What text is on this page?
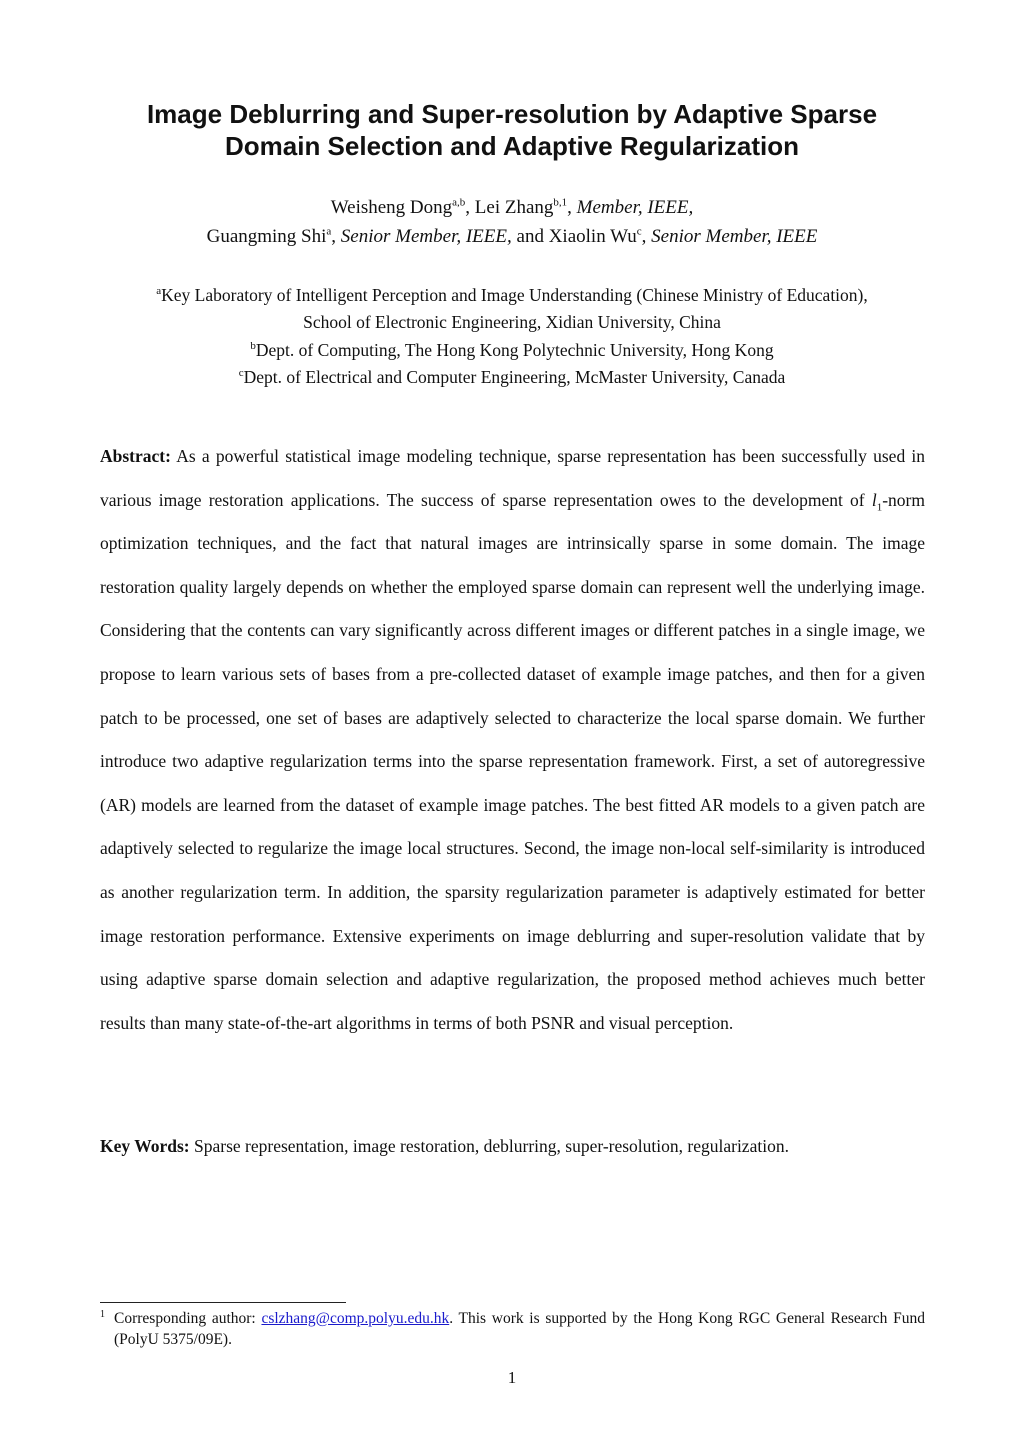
Image Deblurring and Super-resolution by Adaptive Sparse
Domain Selection and Adaptive Regularization
Weisheng Dong$^{a,b}$, Lei Zhang$^{b,1}$, Member, IEEE,
Guangming Shi$^a$, Senior Member, IEEE, and Xiaolin Wu$^c$, Senior Member, IEEE
$^a$Key Laboratory of Intelligent Perception and Image Understanding (Chinese Ministry of Education),
School of Electronic Engineering, Xidian University, China
$^b$Dept. of Computing, The Hong Kong Polytechnic University, Hong Kong
$^c$Dept. of Electrical and Computer Engineering, McMaster University, Canada

Abstract: As a powerful statistical image modeling technique, sparse representation has been successfully used in various image restoration applications. The success of sparse representation owes to the development of $l_1$-norm optimization techniques, and the fact that natural images are intrinsically sparse in some domain. The image restoration quality largely depends on whether the employed sparse domain can represent well the underlying image. Considering that the contents can vary significantly across different images or different patches in a single image, we propose to learn various sets of bases from a pre-collected dataset of example image patches, and then for a given patch to be processed, one set of bases are adaptively selected to characterize the local sparse domain. We further introduce two adaptive regularization terms into the sparse representation framework. First, a set of autoregressive (AR) models are learned from the dataset of example image patches. The best fitted AR models to a given patch are adaptively selected to regularize the image local structures. Second, the image non-local self-similarity is introduced as another regularization term. In addition, the sparsity regularization parameter is adaptively estimated for better image restoration performance. Extensive experiments on image deblurring and super-resolution validate that by using adaptive sparse domain selection and adaptive regularization, the proposed method achieves much better results than many state-of-the-art algorithms in terms of both PSNR and visual perception.

Key Words: Sparse representation, image restoration, deblurring, super-resolution, regularization.

1 Corresponding author: cslzhang@comp.polyu.edu.hk. This work is supported by the Hong Kong RGC General Research Fund (PolyU 5375/09E).

1
